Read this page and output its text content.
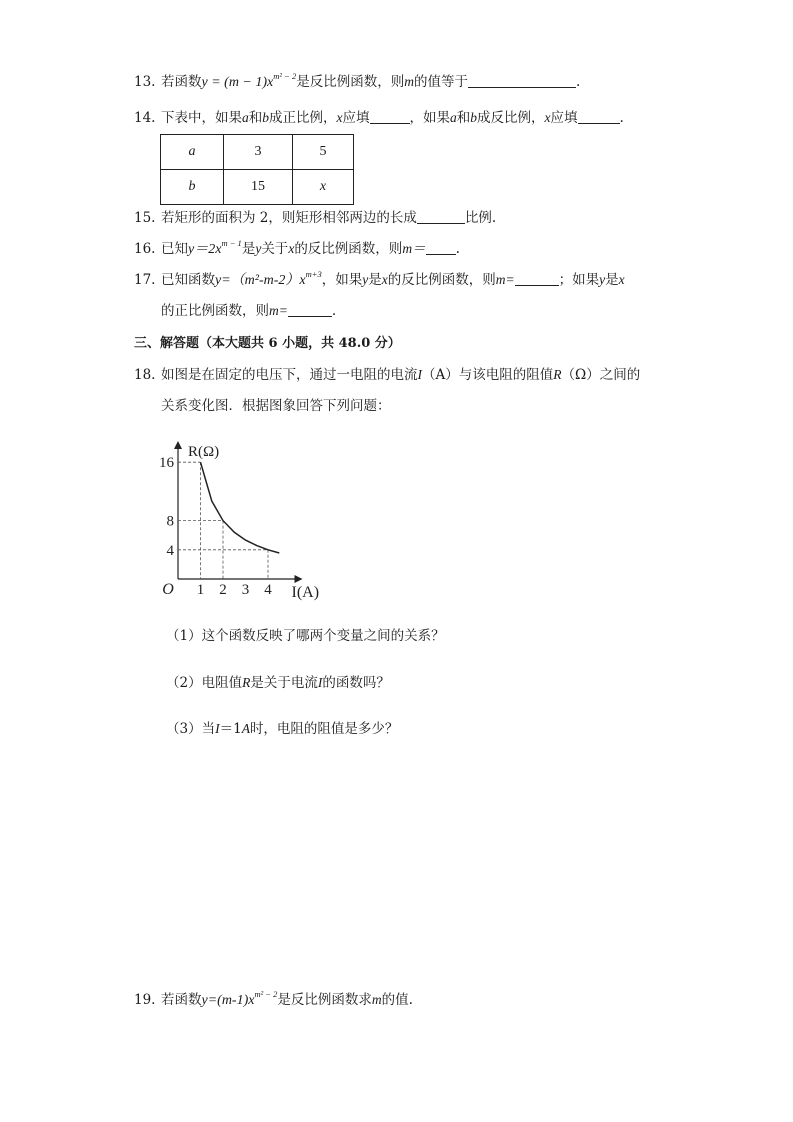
13. 若函数$y = (m - 1)x^{m^2 - 2}$是反比例函数，则m的值等于	.
14. 下表中，如果a和b成正比例，x应填	，如果a和b成反比例，x应填	.
a	3	5
b	15	x
15. 若矩形的面积为 2，则矩形相邻两边的长成	比例.
16. 已知$y=2x^{m - 1}$是y关于x的反比例函数，则m＝ .
17. 已知函数$y=(m^2-m-2)x^{m+3}$，如果y是x的反比例函数，则m=	；如果y是x
的正比例函数，则m=	.
三、解答题（本大题共 6 小题，共 48.0 分）
18. 如图是在固定的电压下，通过一电阻的电流I（A）与该电阻的阻值R（Ω）之间的
关系变化图．根据图象回答下列问题：
1 2 3 4
4
8
16
O
R(Ω)
I(A)
（1）这个函数反映了哪两个变量之间的关系？
（2）电阻值R是关于电流I的函数吗？
（3）当I＝1A时，电阻的阻值是多少？
19. 若函数$y=(m-1)x^{m^2 - 2}$是反比例函数求m的值.
